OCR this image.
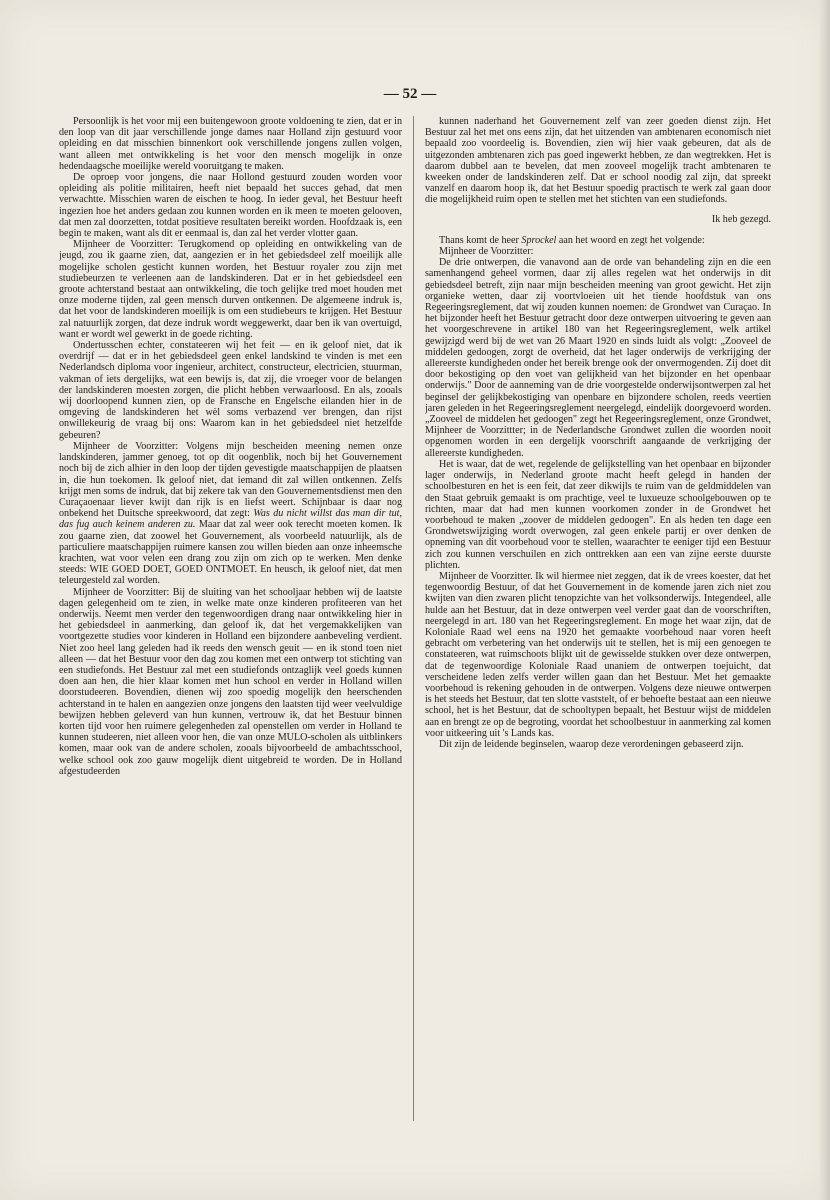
— 52 —

Persoonlijk is het voor mij een buitengewoon groote voldoening te zien, dat er in den loop van dit jaar verschillende jonge dames naar Holland zijn gestuurd voor opleiding en dat misschien binnenkort ook verschillende jongens zullen volgen, want alleen met ontwikkeling is het voor den mensch mogelijk in onze hedendaagsche moeilijke wereld vooruitgang te maken.

De oproep voor jongens, die naar Hollond gestuurd zouden worden voor opleiding als politie militairen, heeft niet bepaald het succes gehad, dat men verwachtte. Misschien waren de eischen te hoog. In ieder geval, het Bestuur heeft ingezien hoe het anders gedaan zou kunnen worden en ik meen te moeten gelooven, dat men zal doorzetten, totdat positieve resultaten bereikt worden. Hoofdzaak is, een begin te maken, want als dit er eenmaal is, dan zal het verder vlotter gaan.

Mijnheer de Voorzitter: Terugkomend op opleiding en ontwikkeling van de jeugd, zou ik gaarne zien, dat, aangezien er in het gebiedsdeel zelf moeilijk alle mogelijke scholen gesticht kunnen worden, het Bestuur royaler zou zijn met studiebeurzen te verleenen aan de landskinderen. Dat er in het gebiedsdeel een groote achterstand bestaat aan ontwikkeling, die toch gelijke tred moet houden met onze moderne tijden, zal geen mensch durven ontkennen. De algemeene indruk is, dat het voor de landskinderen moeilijk is om een studiebeurs te krijgen. Het Bestuur zal natuurlijk zorgen, dat deze indruk wordt weggewerkt, daar ben ik van overtuigd, want er wordt wel gewerkt in de goede richting.

Ondertusschen echter, constateeren wij het feit — en ik geloof niet, dat ik overdrijf — dat er in het gebiedsdeel geen enkel landskind te vinden is met een Nederlandsch diploma voor ingenieur, architect, constructeur, electricien, stuurman, vakman of iets dergelijks, wat een bewijs is, dat zij, die vroeger voor de belangen der landskinderen moesten zorgen, die plicht hebben verwaarloosd. En als, zooals wij doorloopend kunnen zien, op de Fransche en Engelsche eilanden hier in de omgeving de landskinderen het wèl soms verbazend ver brengen, dan rijst onwillekeurig de vraag bij ons: Waarom kan in het gebiedsdeel niet hetzelfde gebeuren?

Mijnheer de Voorzitter: Volgens mijn bescheiden meening nemen onze landskinderen, jammer genoeg, tot op dit oogenblik, noch bij het Gouvernement noch bij de zich alhier in den loop der tijden gevestigde maatschappijen de plaatsen in, die hun toekomen. Ik geloof niet, dat iemand dit zal willen ontkennen. Zelfs krijgt men soms de indruk, dat bij zekere tak van den Gouvernementsdienst men den Curaçaoenaar liever kwijt dan rijk is en liefst weert. Schijnbaar is daar nog onbekend het Duitsche spreekwoord, dat zegt: Was du nicht willst das man dir tut, das fug auch keinem anderen zu. Maar dat zal weer ook terecht moeten komen. Ik zou gaarne zien, dat zoowel het Gouvernement, als voorbeeld natuurlijk, als de particuliere maatschappijen ruimere kansen zou willen bieden aan onze inheemsche krachten, wat voor velen een drang zou zijn om zich op te werken. Men denke steeds: WIE GOED DOET, GOED ONTMOET. En heusch, ik geloof niet, dat men teleurgesteld zal worden.

Mijnheer de Voorzitter: Bij de sluiting van het schooljaar hebben wij de laatste dagen gelegenheid om te zien, in welke mate onze kinderen profiteeren van het onderwijs. Neemt men verder den tegenwoordigen drang naar ontwikkeling hier in het gebiedsdeel in aanmerking, dan geloof ik, dat het vergemakkelijken van voortgezette studies voor kinderen in Holland een bijzondere aanbeveling verdient. Niet zoo heel lang geleden had ik reeds den wensch geuit — en ik stond toen niet alleen — dat het Bestuur voor den dag zou komen met een ontwerp tot stichting van een studiefonds. Het Bestuur zal met een studiefonds ontzaglijk veel goeds kunnen doen aan hen, die hier klaar komen met hun school en verder in Holland willen doorstudeeren. Bovendien, dienen wij zoo spoedig mogelijk den heerschenden achterstand in te halen en aangezien onze jongens den laatsten tijd weer veelvuldige bewijzen hebben geleverd van hun kunnen, vertrouw ik, dat het Bestuur binnen korten tijd voor hen ruimere gelegenheden zal openstellen om verder in Holland te kunnen studeeren, niet alleen voor hen, die van onze MULO-scholen als uitblinkers komen, maar ook van de andere scholen, zooals bijvoorbeeld de ambachtsschool, welke school ook zoo gauw mogelijk dient uitgebreid te worden. De in Holland afgestudeerden

kunnen naderhand het Gouvernement zelf van zeer goeden dienst zijn. Het Bestuur zal het met ons eens zijn, dat het uitzenden van ambtenaren economisch niet bepaald zoo voordeelig is. Bovendien, zien wij hier vaak gebeuren, dat als de uitgezonden ambtenaren zich pas goed ingewerkt hebben, ze dan wegtrekken. Het is daarom dubbel aan te bevelen, dat men zooveel mogelijk tracht ambtenaren te kweeken onder de landskinderen zelf. Dat er school noodig zal zijn, dat spreekt vanzelf en daarom hoop ik, dat het Bestuur spoedig practisch te werk zal gaan door die mogelijkheid ruim open te stellen met het stichten van een studiefonds.

Ik heb gezegd.

Thans komt de heer Sprockel aan het woord en zegt het volgende:

Mijnheer de Voorzitter:

De drie ontwerpen, die vanavond aan de orde van behandeling zijn en die een samenhangend geheel vormen, daar zij alles regelen wat het onderwijs in dit gebiedsdeel betreft, zijn naar mijn bescheiden meening van groot gewicht. Het zijn organieke wetten, daar zij voortvloeien uit het tiende hoofdstuk van ons Regeeringsreglement, dat wij zouden kunnen noemen: de Grondwet van Curaçao. In het bijzonder heeft het Bestuur getracht door deze ontwerpen uitvoering te geven aan het voorgeschrevene in artikel 180 van het Regeeringsreglement, welk artikel gewijzigd werd bij de wet van 26 Maart 1920 en sinds luidt als volgt: „Zooveel de middelen gedoogen, zorgt de overheid, dat het lager onderwijs de verkrijging der allereerste kundigheden onder het bereik brenge ook der onvermogenden. Zij doet dit door bekostiging op den voet van gelijkheid van het bijzonder en het openbaar onderwijs." Door de aanneming van de drie voorgestelde onderwijsontwerpen zal het beginsel der gelijkbekostiging van openbare en bijzondere scholen, reeds veertien jaren geleden in het Regeeringsreglement neergelegd, eindelijk doorgevoerd worden. „Zooveel de middelen het gedoogen" zegt het Regeeringsreglement, onze Grondwet, Mijnheer de Voorzittter; in de Nederlandsche Grondwet zullen die woorden nooit opgenomen worden in een dergelijk voorschrift aangaande de verkrijging der allereerste kundigheden.

Het is waar, dat de wet, regelende de gelijkstelling van het openbaar en bijzonder lager onderwijs, in Nederland groote macht heeft gelegd in handen der schoolbesturen en het is een feit, dat zeer dikwijls te ruim van de geldmiddelen van den Staat gebruik gemaakt is om prachtige, veel te luxueuze schoolgebouwen op te richten, maar dat had men kunnen voorkomen zonder in de Grondwet het voorbehoud te maken „zoover de middelen gedoogen". En als heden ten dage een Grondwetswijziging wordt overwogen, zal geen enkele partij er over denken de opneming van dit voorbehoud voor te stellen, waarachter te eeniger tijd een Bestuur zich zou kunnen verschuilen en zich onttrekken aan een van zijne eerste duurste plichten.

Mijnheer de Voorzitter. Ik wil hiermee niet zeggen, dat ik de vrees koester, dat het tegenwoordig Bestuur, of dat het Gouvernement in de komende jaren zich niet zou kwijten van dien zwaren plicht tenopzichte van het volksonderwijs. Integendeel, alle hulde aan het Bestuur, dat in deze ontwerpen veel verder gaat dan de voorschriften, neergelegd in art. 180 van het Regeeringsreglement. En moge het waar zijn, dat de Koloniale Raad wel eens na 1920 het gemaakte voorbehoud naar voren heeft gebracht om verbetering van het onderwijs uit te stellen, het is mij een genoegen te constateeren, wat ruimschoots blijkt uit de gewisselde stukken over deze ontwerpen, dat de tegenwoordige Koloniale Raad unaniem de ontwerpen toejuicht, dat verscheidene leden zelfs verder willen gaan dan het Bestuur. Met het gemaakte voorbehoud is rekening gehouden in de ontwerpen. Volgens deze nieuwe ontwerpen is het steeds het Bestuur, dat ten slotte vaststelt, of er behoefte bestaat aan een nieuwe school, het is het Bestuur, dat de schooltypen bepaalt, het Bestuur wijst de middelen aan en brengt ze op de begroting, voordat het schoolbestuur in aanmerking zal komen voor uitkeering uit 's Lands kas.

Dit zijn de leidende beginselen, waarop deze verordeningen gebaseerd zijn.
